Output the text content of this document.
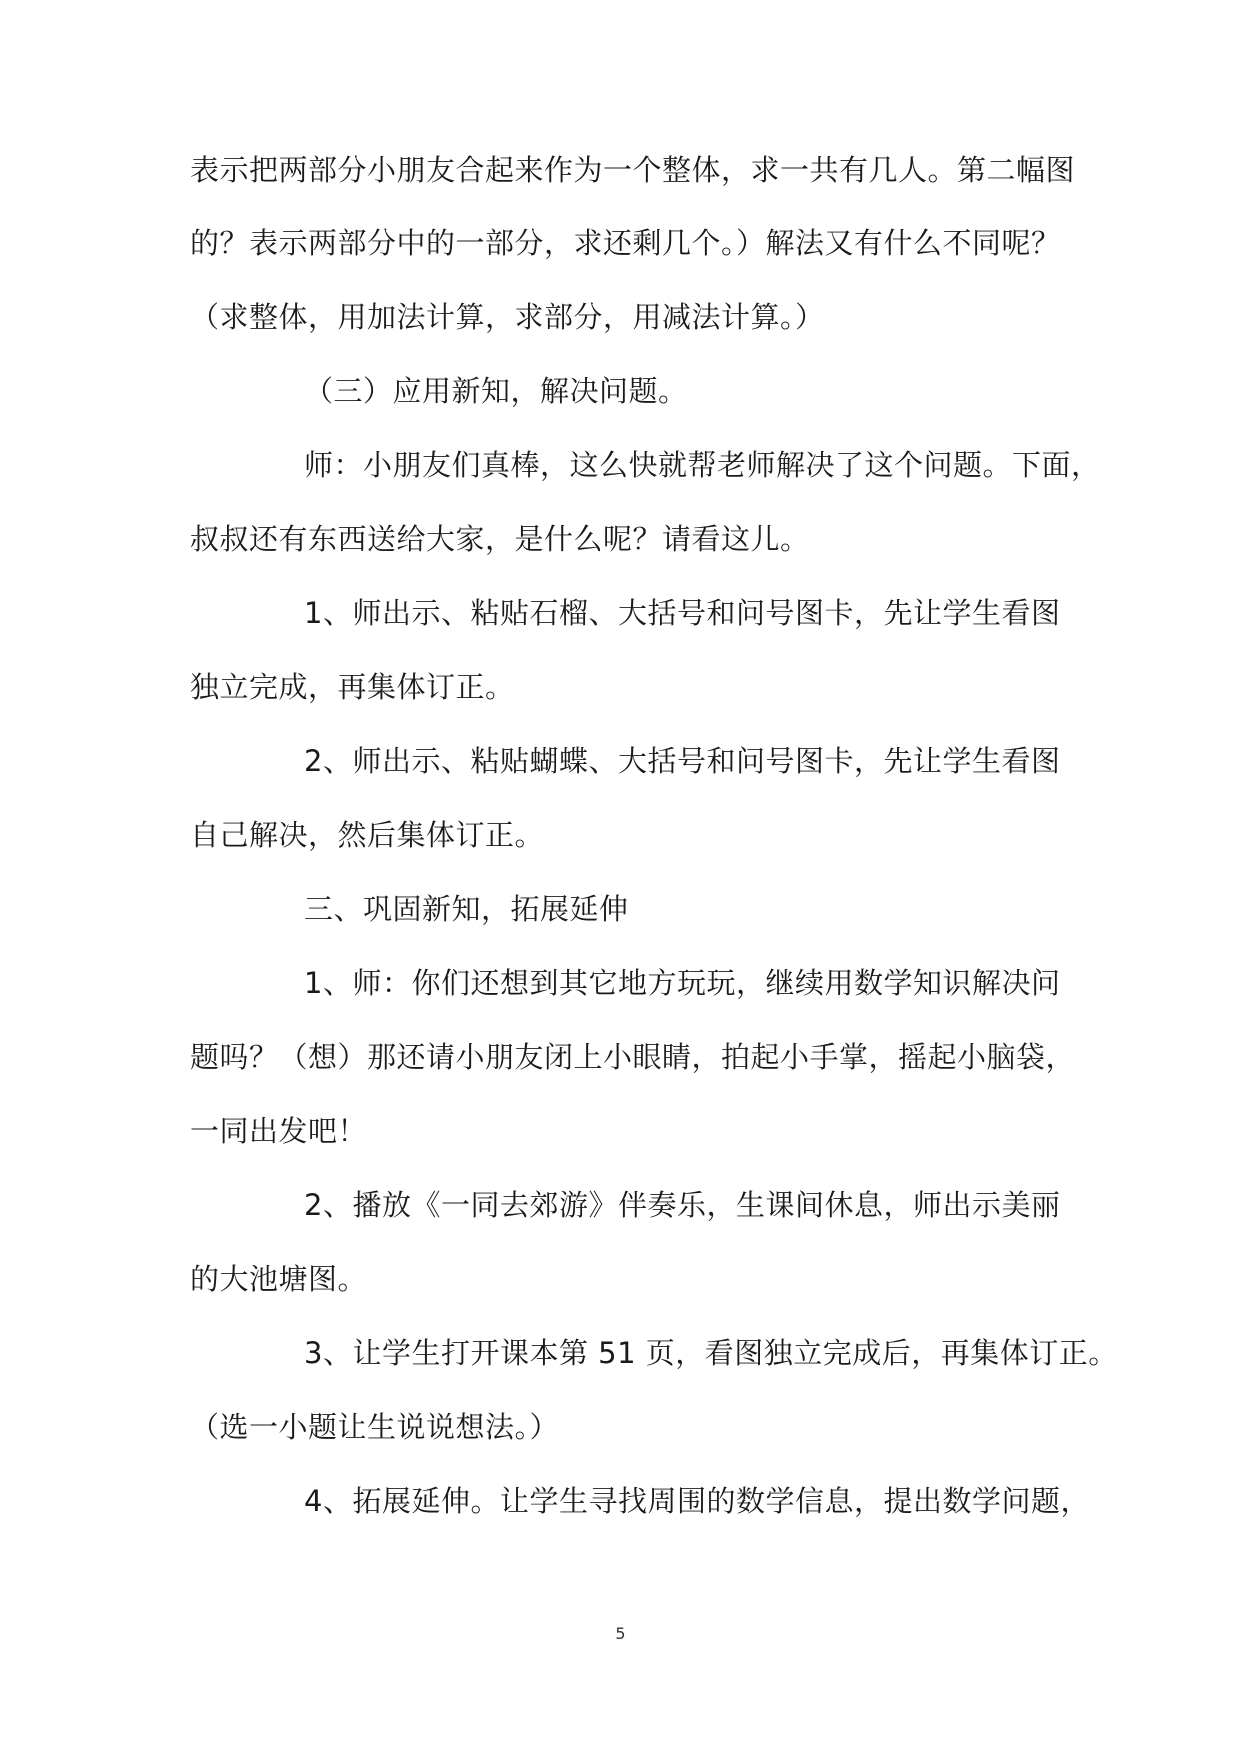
表示把两部分小朋友合起来作为一个整体，求一共有几人。第二幅图
的？表示两部分中的一部分，求还剩几个。）解法又有什么不同呢？
（求整体，用加法计算，求部分，用减法计算。）
（三）应用新知，解决问题。
师：小朋友们真棒，这么快就帮老师解决了这个问题。下面，
叔叔还有东西送给大家，是什么呢？请看这儿。
1、师出示、粘贴石榴、大括号和问号图卡，先让学生看图
独立完成，再集体订正。
2、师出示、粘贴蝴蝶、大括号和问号图卡，先让学生看图
自己解决，然后集体订正。
三、巩固新知，拓展延伸
1、师：你们还想到其它地方玩玩，继续用数学知识解决问
题吗？（想）那还请小朋友闭上小眼睛，拍起小手掌，摇起小脑袋，
一同出发吧！
2、播放《一同去郊游》伴奏乐，生课间休息，师出示美丽
的大池塘图。
3、让学生打开课本第 51 页，看图独立完成后，再集体订正。
（选一小题让生说说想法。）
4、拓展延伸。让学生寻找周围的数学信息，提出数学问题，
5
